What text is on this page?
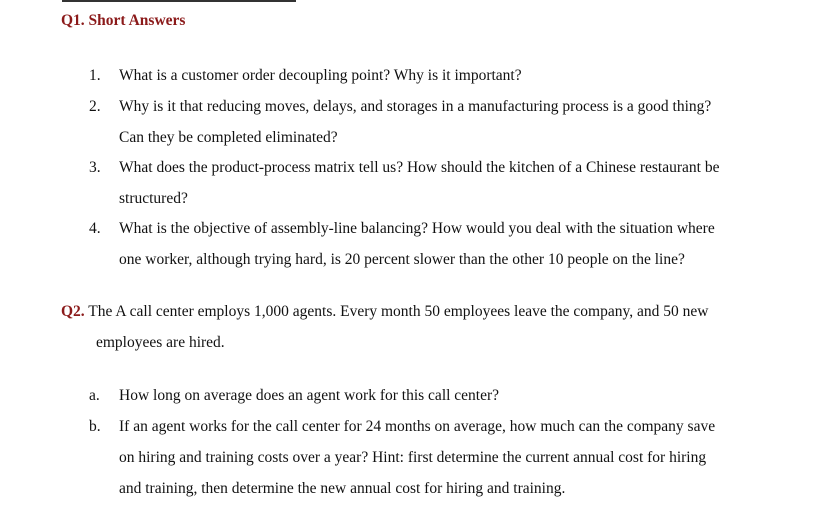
Q1. Short Answers
1. What is a customer order decoupling point? Why is it important?
2. Why is it that reducing moves, delays, and storages in a manufacturing process is a good thing?
Can they be completed eliminated?
3. What does the product-process matrix tell us? How should the kitchen of a Chinese restaurant be
structured?
4. What is the objective of assembly-line balancing? How would you deal with the situation where
one worker, although trying hard, is 20 percent slower than the other 10 people on the line?
Q2. The A call center employs 1,000 agents. Every month 50 employees leave the company, and 50 new
employees are hired.
a. How long on average does an agent work for this call center?
b. If an agent works for the call center for 24 months on average, how much can the company save
on hiring and training costs over a year? Hint: first determine the current annual cost for hiring
and training, then determine the new annual cost for hiring and training.
